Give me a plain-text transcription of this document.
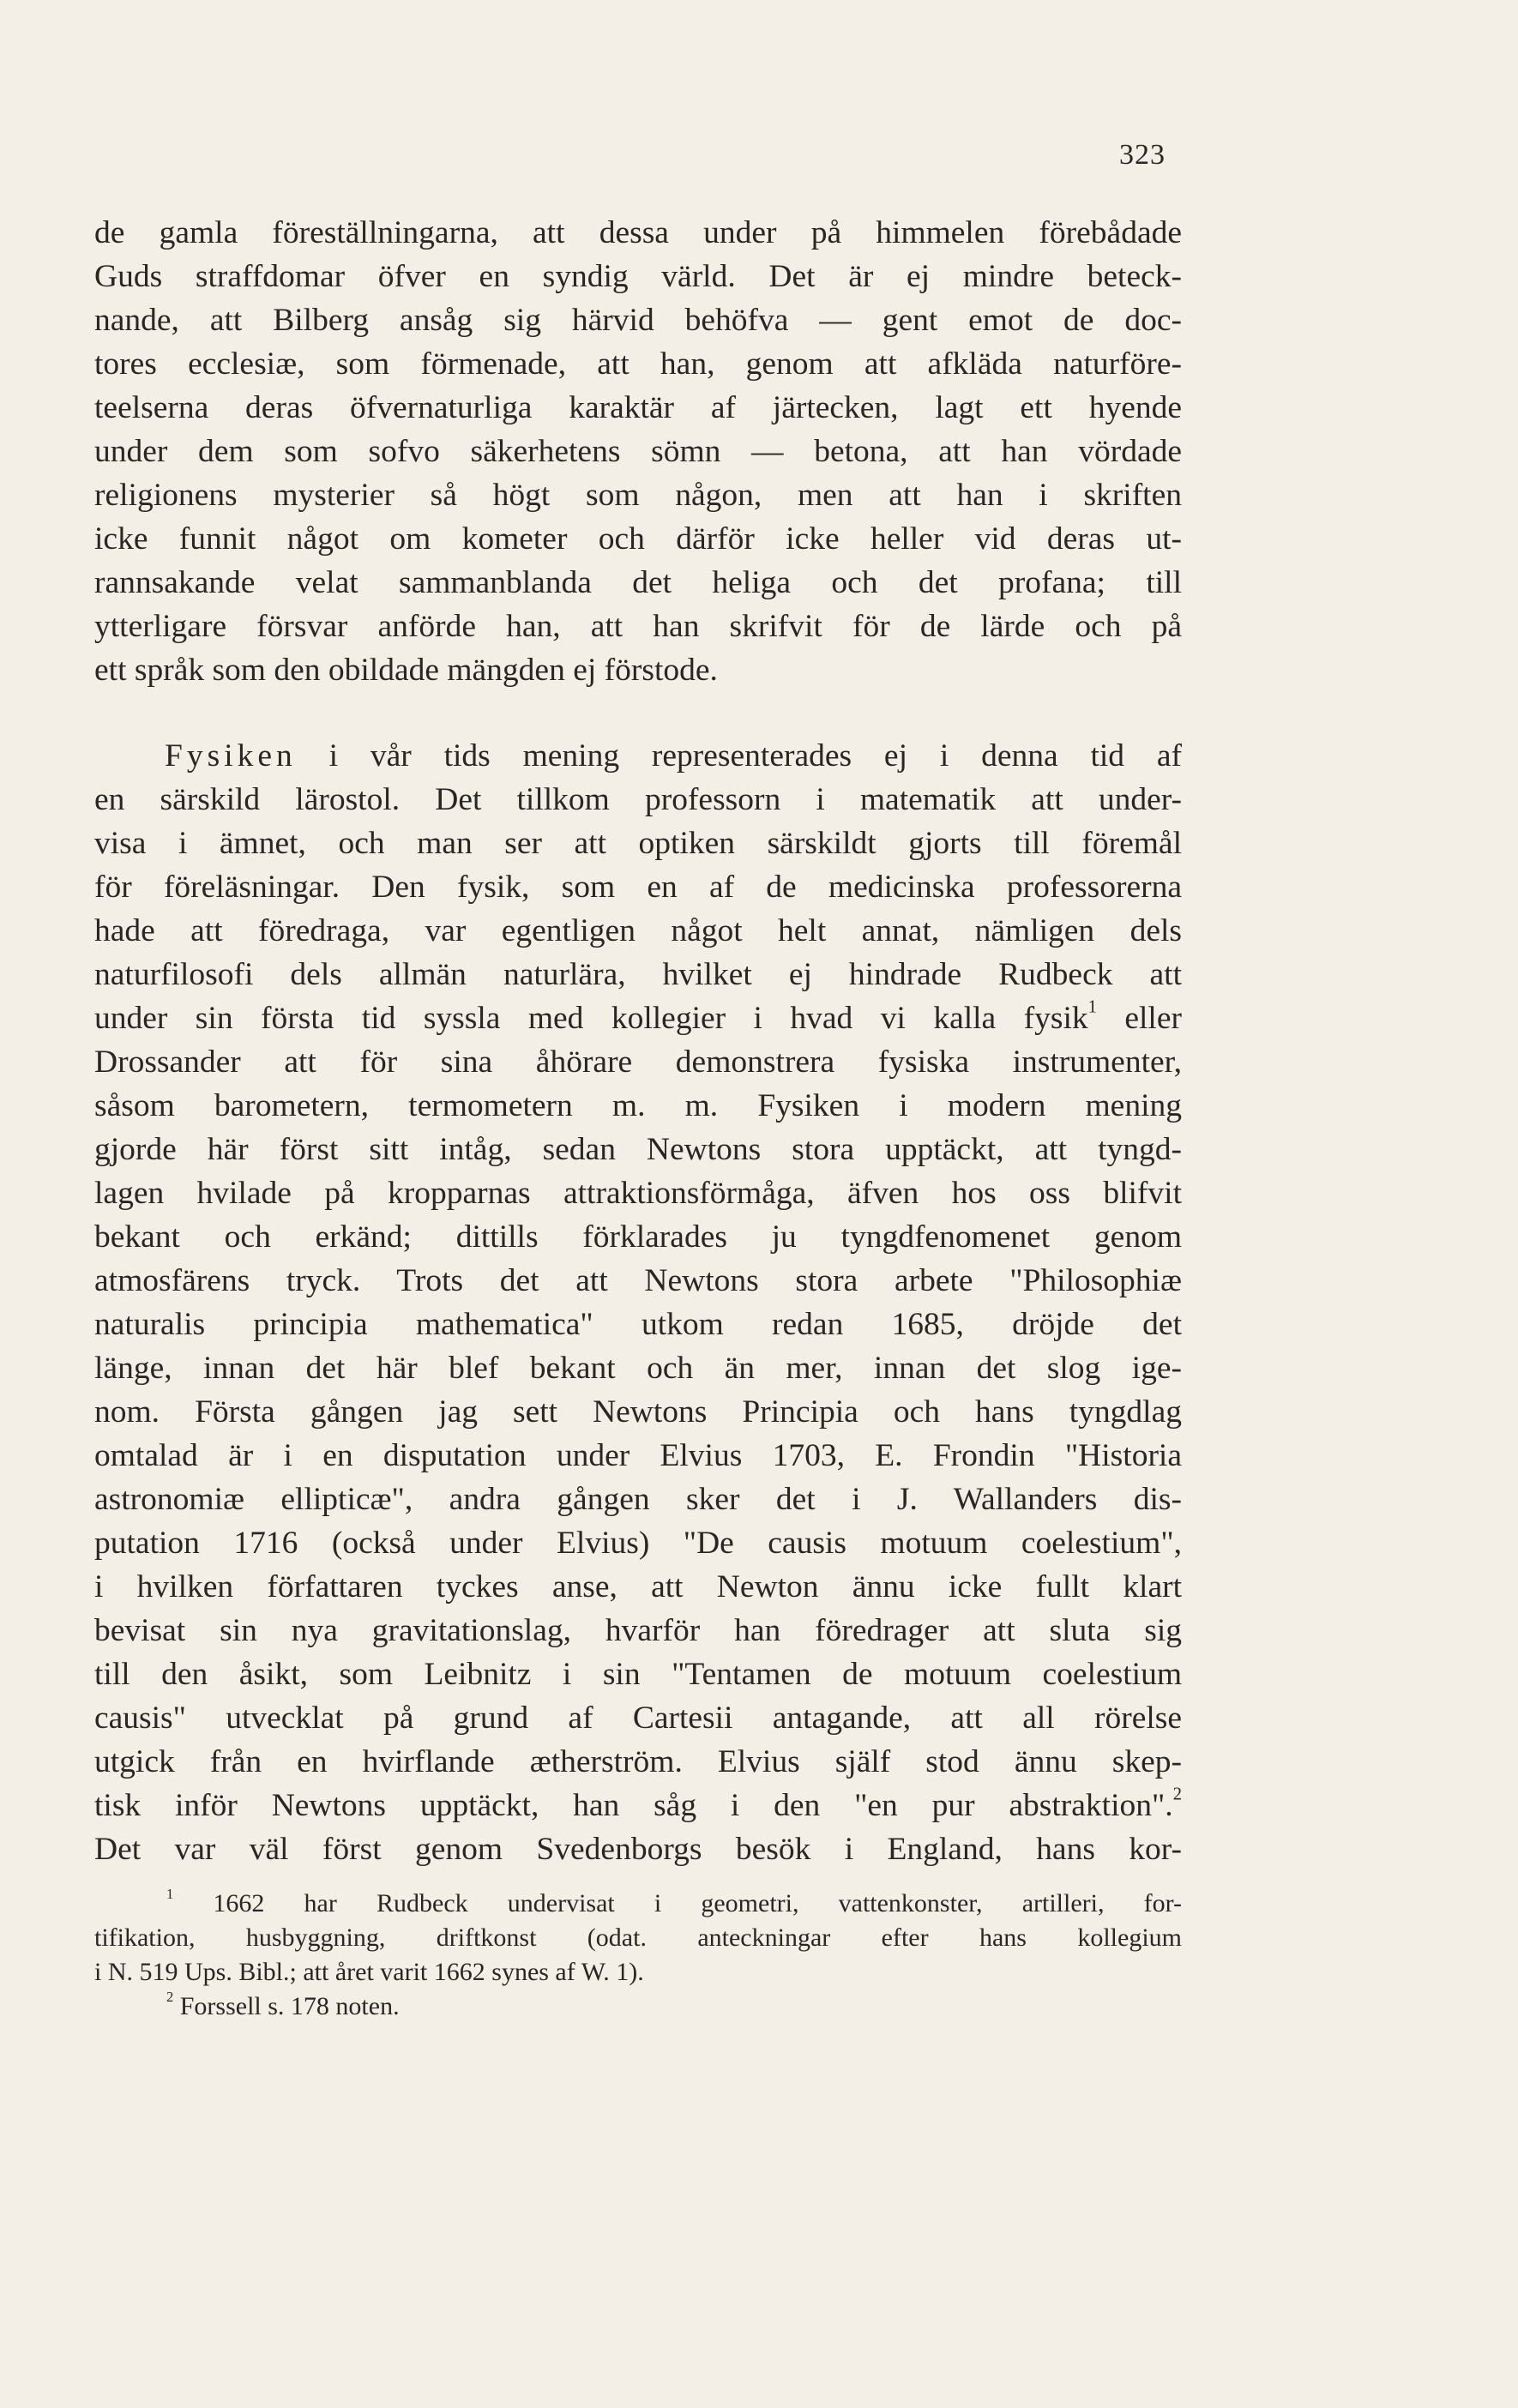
323
de gamla föreställningarna, att dessa under på himmelen förebådade
Guds straffdomar öfver en syndig värld. Det är ej mindre beteck-
nande, att Bilberg ansåg sig härvid behöfva — gent emot de doc-
tores ecclesiæ, som förmenade, att han, genom att afkläda naturföre-
teelserna deras öfvernaturliga karaktär af järtecken, lagt ett hyende
under dem som sofvo säkerhetens sömn — betona, att han vördade
religionens mysterier så högt som någon, men att han i skriften
icke funnit något om kometer och därför icke heller vid deras ut-
rannsakande velat sammanblanda det heliga och det profana; till
ytterligare försvar anförde han, att han skrifvit för de lärde och på
ett språk som den obildade mängden ej förstode.
Fysiken i vår tids mening representerades ej i denna tid af
en särskild lärostol. Det tillkom professorn i matematik att under-
visa i ämnet, och man ser att optiken särskildt gjorts till föremål
för föreläsningar. Den fysik, som en af de medicinska professorerna
hade att föredraga, var egentligen något helt annat, nämligen dels
naturfilosofi dels allmän naturlära, hvilket ej hindrade Rudbeck att
under sin första tid syssla med kollegier i hvad vi kalla fysik$^1$ eller
Drossander att för sina åhörare demonstrera fysiska instrumenter,
såsom barometern, termometern m. m. Fysiken i modern mening
gjorde här först sitt intåg, sedan Newtons stora upptäckt, att tyngd-
lagen hvilade på kropparnas attraktionsförmåga, äfven hos oss blifvit
bekant och erkänd; dittills förklarades ju tyngdfenomenet genom
atmosfärens tryck. Trots det att Newtons stora arbete "Philosophiæ
naturalis principia mathematica" utkom redan 1685, dröjde det
länge, innan det här blef bekant och än mer, innan det slog ige-
nom. Första gången jag sett Newtons Principia och hans tyngdlag
omtalad är i en disputation under Elvius 1703, E. Frondin "Historia
astronomiæ ellipticæ", andra gången sker det i J. Wallanders dis-
putation 1716 (också under Elvius) "De causis motuum coelestium",
i hvilken författaren tyckes anse, att Newton ännu icke fullt klart
bevisat sin nya gravitationslag, hvarför han föredrager att sluta sig
till den åsikt, som Leibnitz i sin "Tentamen de motuum coelestium
causis" utvecklat på grund af Cartesii antagande, att all rörelse
utgick från en hvirflande ætherström. Elvius själf stod ännu skep-
tisk inför Newtons upptäckt, han såg i den "en pur abstraktion".$^2$
Det var väl först genom Svedenborgs besök i England, hans kor-
$^1$ 1662 har Rudbeck undervisat i geometri, vattenkonster, artilleri, for-
tifikation, husbyggning, driftkonst (odat. anteckningar efter hans kollegium
i N. 519 Ups. Bibl.; att året varit 1662 synes af W. 1).
$^2$ Forssell s. 178 noten.
